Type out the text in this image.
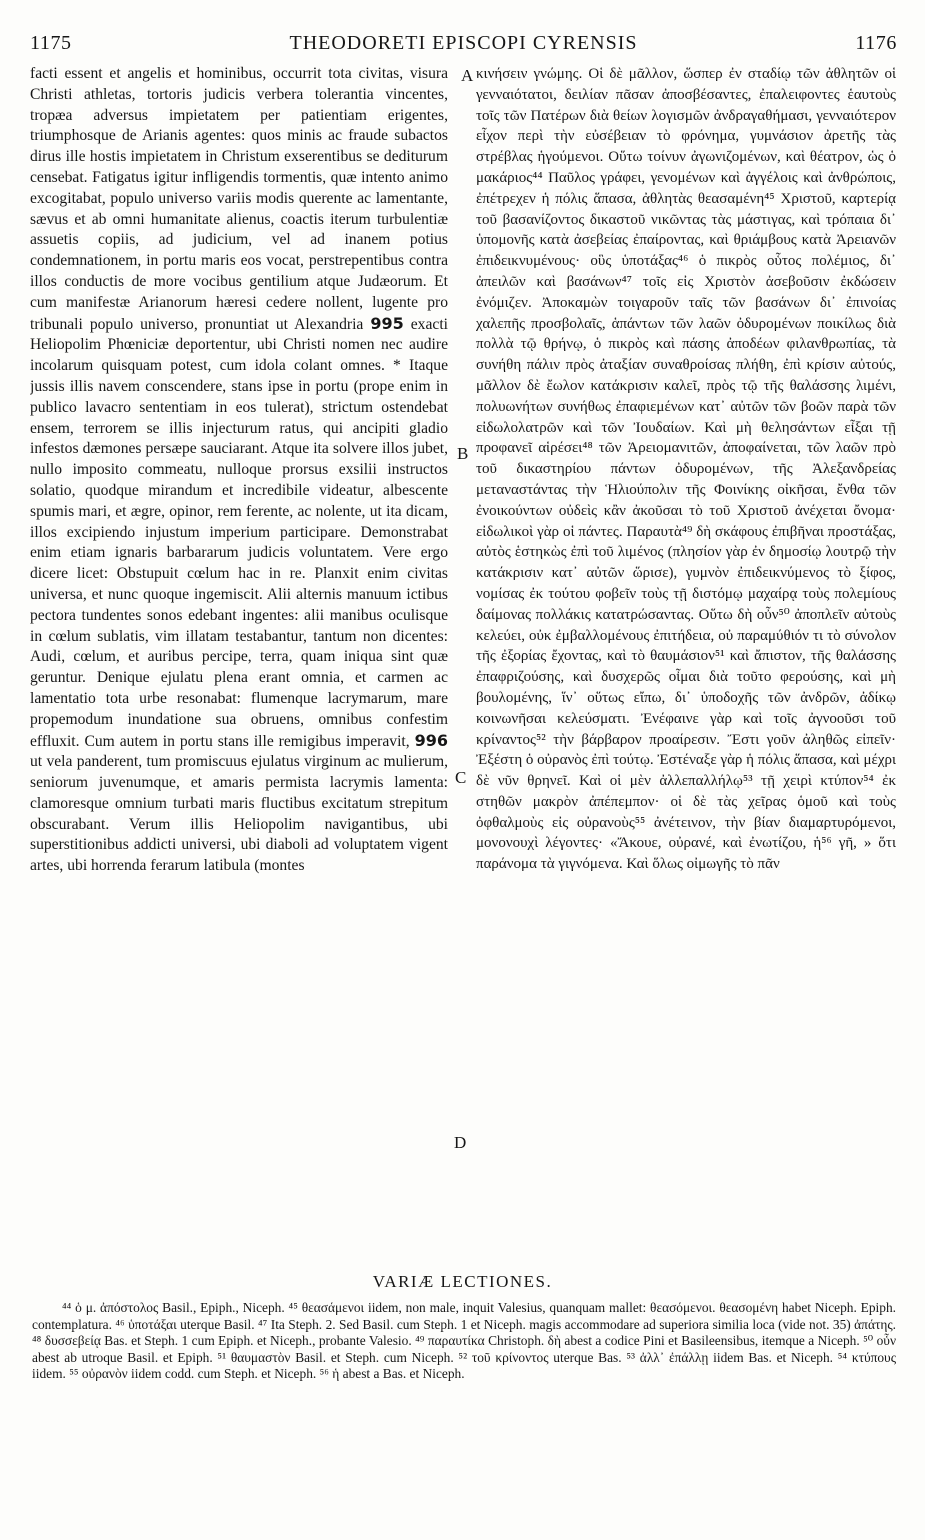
1175	THEODORETI EPISCOPI CYRENSIS	1176

facti essent et angelis et hominibus, occurrit tota civitas, visura Christi athletas, tortoris judicis verbera tolerantia vincentes, tropæa adversus impietatem per patientiam erigentes, triumphosque de Arianis agentes: quos minis ac fraude subactos dirus ille hostis impietatem in Christum exserentibus se dediturum censebat. Fatigatus igitur infligendis tormentis, quæ intento animo excogitabat, populo universo variis modis querente ac lamentante, sævus et ab omni humanitate alienus, coactis iterum turbulentiæ assuetis copiis, ad judicium, vel ad inanem potius condemnationem, in portu maris eos vocat, perstrepentibus contra illos conductis de more vocibus gentilium atque Judæorum. Et cum manifestæ Arianorum hæresi cedere nollent, lugente pro tribunali populo universo, pronuntiat ut Alexandria 995 exacti Heliopolim Phœniciæ deportentur, ubi Christi nomen nec audire incolarum quisquam potest, cum idola colant omnes. * Itaque jussis illis navem conscendere, stans ipse in portu (prope enim in publico lavacro sententiam in eos tulerat), strictum ostendebat ensem, terrorem se illis injecturum ratus, qui ancipiti gladio infestos dæmones persæpe sauciarant. Atque ita solvere illos jubet, nullo imposito commeatu, nulloque prorsus exsilii instructos solatio, quodque mirandum et incredibile videatur, albescente spumis mari, et ægre, opinor, rem ferente, ac nolente, ut ita dicam, illos excipiendo injustum imperium participare. Demonstrabat enim etiam ignaris barbararum judicis voluntatem. Vere ergo dicere licet: Obstupuit cœlum hac in re. Planxit enim civitas universa, et nunc quoque ingemiscit. Alii alternis manuum ictibus pectora tundentes sonos edebant ingentes: alii manibus oculisque in cœlum sublatis, vim illatam testabantur, tantum non dicentes: Audi, cœlum, et auribus percipe, terra, quam iniqua sint quæ geruntur. Denique ejulatu plena erant omnia, et carmen ac lamentatio tota urbe resonabat: flumenque lacrymarum, mare propemodum inundatione sua obruens, omnibus confestim effluxit. Cum autem in portu stans ille remigibus imperavit, 996 ut vela panderent, tum promiscuus ejulatus virginum ac mulierum, seniorum juvenumque, et amaris permista lacrymis lamenta: clamoresque omnium turbati maris fluctibus excitatum strepitum obscurabant. Verum illis Heliopolim navigantibus, ubi superstitionibus addicti universi, ubi diaboli ad voluptatem vigent artes, ubi horrenda ferarum latibula (montes

A
B
C
D

κινήσειν γνώμης. Οἱ δὲ μᾶλλον, ὥσπερ ἐν σταδίῳ τῶν ἀθλητῶν οἱ γενναιότατοι, δειλίαν πᾶσαν ἀποσβέσαντες, ἐπαλειφοντες ἑαυτοὺς τοῖς τῶν Πατέρων διὰ θείων λογισμῶν ἀνδραγαθήμασι, γενναιότερον εἶχον περὶ τὴν εὐσέβειαν τὸ φρόνημα, γυμνάσιον ἀρετῆς τὰς στρέβλας ἡγούμενοι. Οὕτω τοίνυν ἀγωνιζομένων, καὶ θέατρον, ὡς ὁ μακάριος⁴⁴ Παῦλος γράφει, γενομένων καὶ ἀγγέλοις καὶ ἀνθρώποις, ἐπέτρεχεν ἡ πόλις ἅπασα, ἀθλητὰς θεασαμένη⁴⁵ Χριστοῦ, καρτερίᾳ τοῦ βασανίζοντος δικαστοῦ νικῶντας τὰς μάστιγας, καὶ τρόπαια δι᾿ ὑπομονῆς κατὰ ἀσεβείας ἐπαίροντας, καὶ θριάμβους κατὰ Ἀρειανῶν ἐπιδεικνυμένους· οὓς ὑποτάξας⁴⁶ ὁ πικρὸς οὗτος πολέμιος, δι᾿ ἀπειλῶν καὶ βασάνων⁴⁷ τοῖς εἰς Χριστὸν ἀσεβοῦσιν ἐκδώσειν ἐνόμιζεν. Ἀποκαμὼν τοιγαροῦν ταῖς τῶν βασάνων δι᾿ ἐπινοίας χαλεπῆς προσβολαῖς, ἁπάντων τῶν λαῶν ὀδυρομένων ποικίλως διὰ πολλὰ τῷ θρήνῳ, ὁ πικρὸς καὶ πάσης ἀποδέων φιλανθρωπίας, τὰ συνήθη πάλιν πρὸς ἀταξίαν συναθροίσας πλήθη, ἐπὶ κρίσιν αὐτούς, μᾶλλον δὲ ἔωλον κατάκρισιν καλεῖ, πρὸς τῷ τῆς θαλάσσης λιμένι, πολυωνήτων συνήθως ἐπαφιεμένων κατ᾿ αὐτῶν τῶν βοῶν παρὰ τῶν εἰδωλολατρῶν καὶ τῶν Ἰουδαίων. Καὶ μὴ θελησάντων εἶξαι τῇ προφανεῖ αἱρέσει⁴⁸ τῶν Ἀρειομανιτῶν, ἀποφαίνεται, τῶν λαῶν πρὸ τοῦ δικαστηρίου πάντων ὀδυρομένων, τῆς Ἀλεξανδρείας μεταναστάντας τὴν Ἡλιούπολιν τῆς Φοινίκης οἰκῆσαι, ἔνθα τῶν ἐνοικούντων οὐδεὶς κἂν ἀκοῦσαι τὸ τοῦ Χριστοῦ ἀνέχεται ὄνομα· εἰδωλικοὶ γὰρ οἱ πάντες. Παραυτὰ⁴⁹ δὴ σκάφους ἐπιβῆναι προστάξας, αὐτὸς ἑστηκὼς ἐπὶ τοῦ λιμένος (πλησίον γὰρ ἐν δημοσίῳ λουτρῷ τὴν κατάκρισιν κατ᾿ αὐτῶν ὥρισε), γυμνὸν ἐπιδεικνύμενος τὸ ξίφος, νομίσας ἐκ τούτου φοβεῖν τοὺς τῇ διστόμῳ μαχαίρᾳ τοὺς πολεμίους δαίμονας πολλάκις κατατρώσαντας. Οὕτω δὴ οὖν⁵⁰ ἀποπλεῖν αὐτοὺς κελεύει, οὐκ ἐμβαλλομένους ἐπιτήδεια, οὐ παραμύθιόν τι τὸ σύνολον τῆς ἐξορίας ἔχοντας, καὶ τὸ θαυμάσιον⁵¹ καὶ ἄπιστον, τῆς θαλάσσης ἐπαφριζούσης, καὶ δυσχερῶς οἶμαι διὰ τοῦτο φερούσης, καὶ μὴ βουλομένης, ἵν᾿ οὕτως εἴπω, δι᾿ ὑποδοχῆς τῶν ἀνδρῶν, ἀδίκῳ κοινωνῆσαι κελεύσματι. Ἐνέφαινε γὰρ καὶ τοῖς ἀγνοοῦσι τοῦ κρίναντος⁵² τὴν βάρβαρον προαίρεσιν. Ἔστι γοῦν ἀληθῶς εἰπεῖν· Ἐξέστη ὁ οὐρανὸς ἐπὶ τούτῳ. Ἐστέναξε γὰρ ἡ πόλις ἅπασα, καὶ μέχρι δὲ νῦν θρηνεῖ. Καὶ οἱ μὲν ἀλλεπαλλήλῳ⁵³ τῇ χειρὶ κτύπον⁵⁴ ἐκ στηθῶν μακρὸν ἀπέπεμπον· οἱ δὲ τὰς χεῖρας ὁμοῦ καὶ τοὺς ὀφθαλμοὺς εἰς οὐρανοὺς⁵⁵ ἀνέτεινον, τὴν βίαν διαμαρτυρόμενοι, μονονουχὶ λέγοντες· «Ἄκουε, οὐρανέ, καὶ ἐνωτίζου, ἡ⁵⁶ γῆ, » ὅτι παράνομα τὰ γιγνόμενα. Καὶ ὅλως οἰμωγῆς τὸ πᾶν

VARIÆ LECTIONES.

⁴⁴ ὁ μ. ἀπόστολος Basil., Epiph., Niceph. ⁴⁵ θεασάμενοι iidem, non male, inquit Valesius, quanquam mallet: θεασόμενοι. θεασομένη habet Niceph. Epiph. contemplatura. ⁴⁶ ὑποτάξαι uterque Basil. ⁴⁷ Ita Steph. 2. Sed Basil. cum Steph. 1 et Niceph. magis accommodare ad superiora similia loca (vide not. 35) ἀπάτης. ⁴⁸ δυσσεβείᾳ Bas. et Steph. 1 cum Epiph. et Niceph., probante Valesio. ⁴⁹ παραυτίκα Christoph. δὴ abest a codice Pini et Basileensibus, itemque a Niceph. ⁵⁰ οὖν abest ab utroque Basil. et Epiph. ⁵¹ θαυμαστὸν Basil. et Steph. cum Niceph. ⁵² τοῦ κρίνοντος uterque Bas. ⁵³ ἀλλ᾿ ἐπάλλῃ iidem Bas. et Niceph. ⁵⁴ κτύπους iidem. ⁵⁵ οὐρανὸν iidem codd. cum Steph. et Niceph. ⁵⁶ ἡ abest a Bas. et Niceph.
